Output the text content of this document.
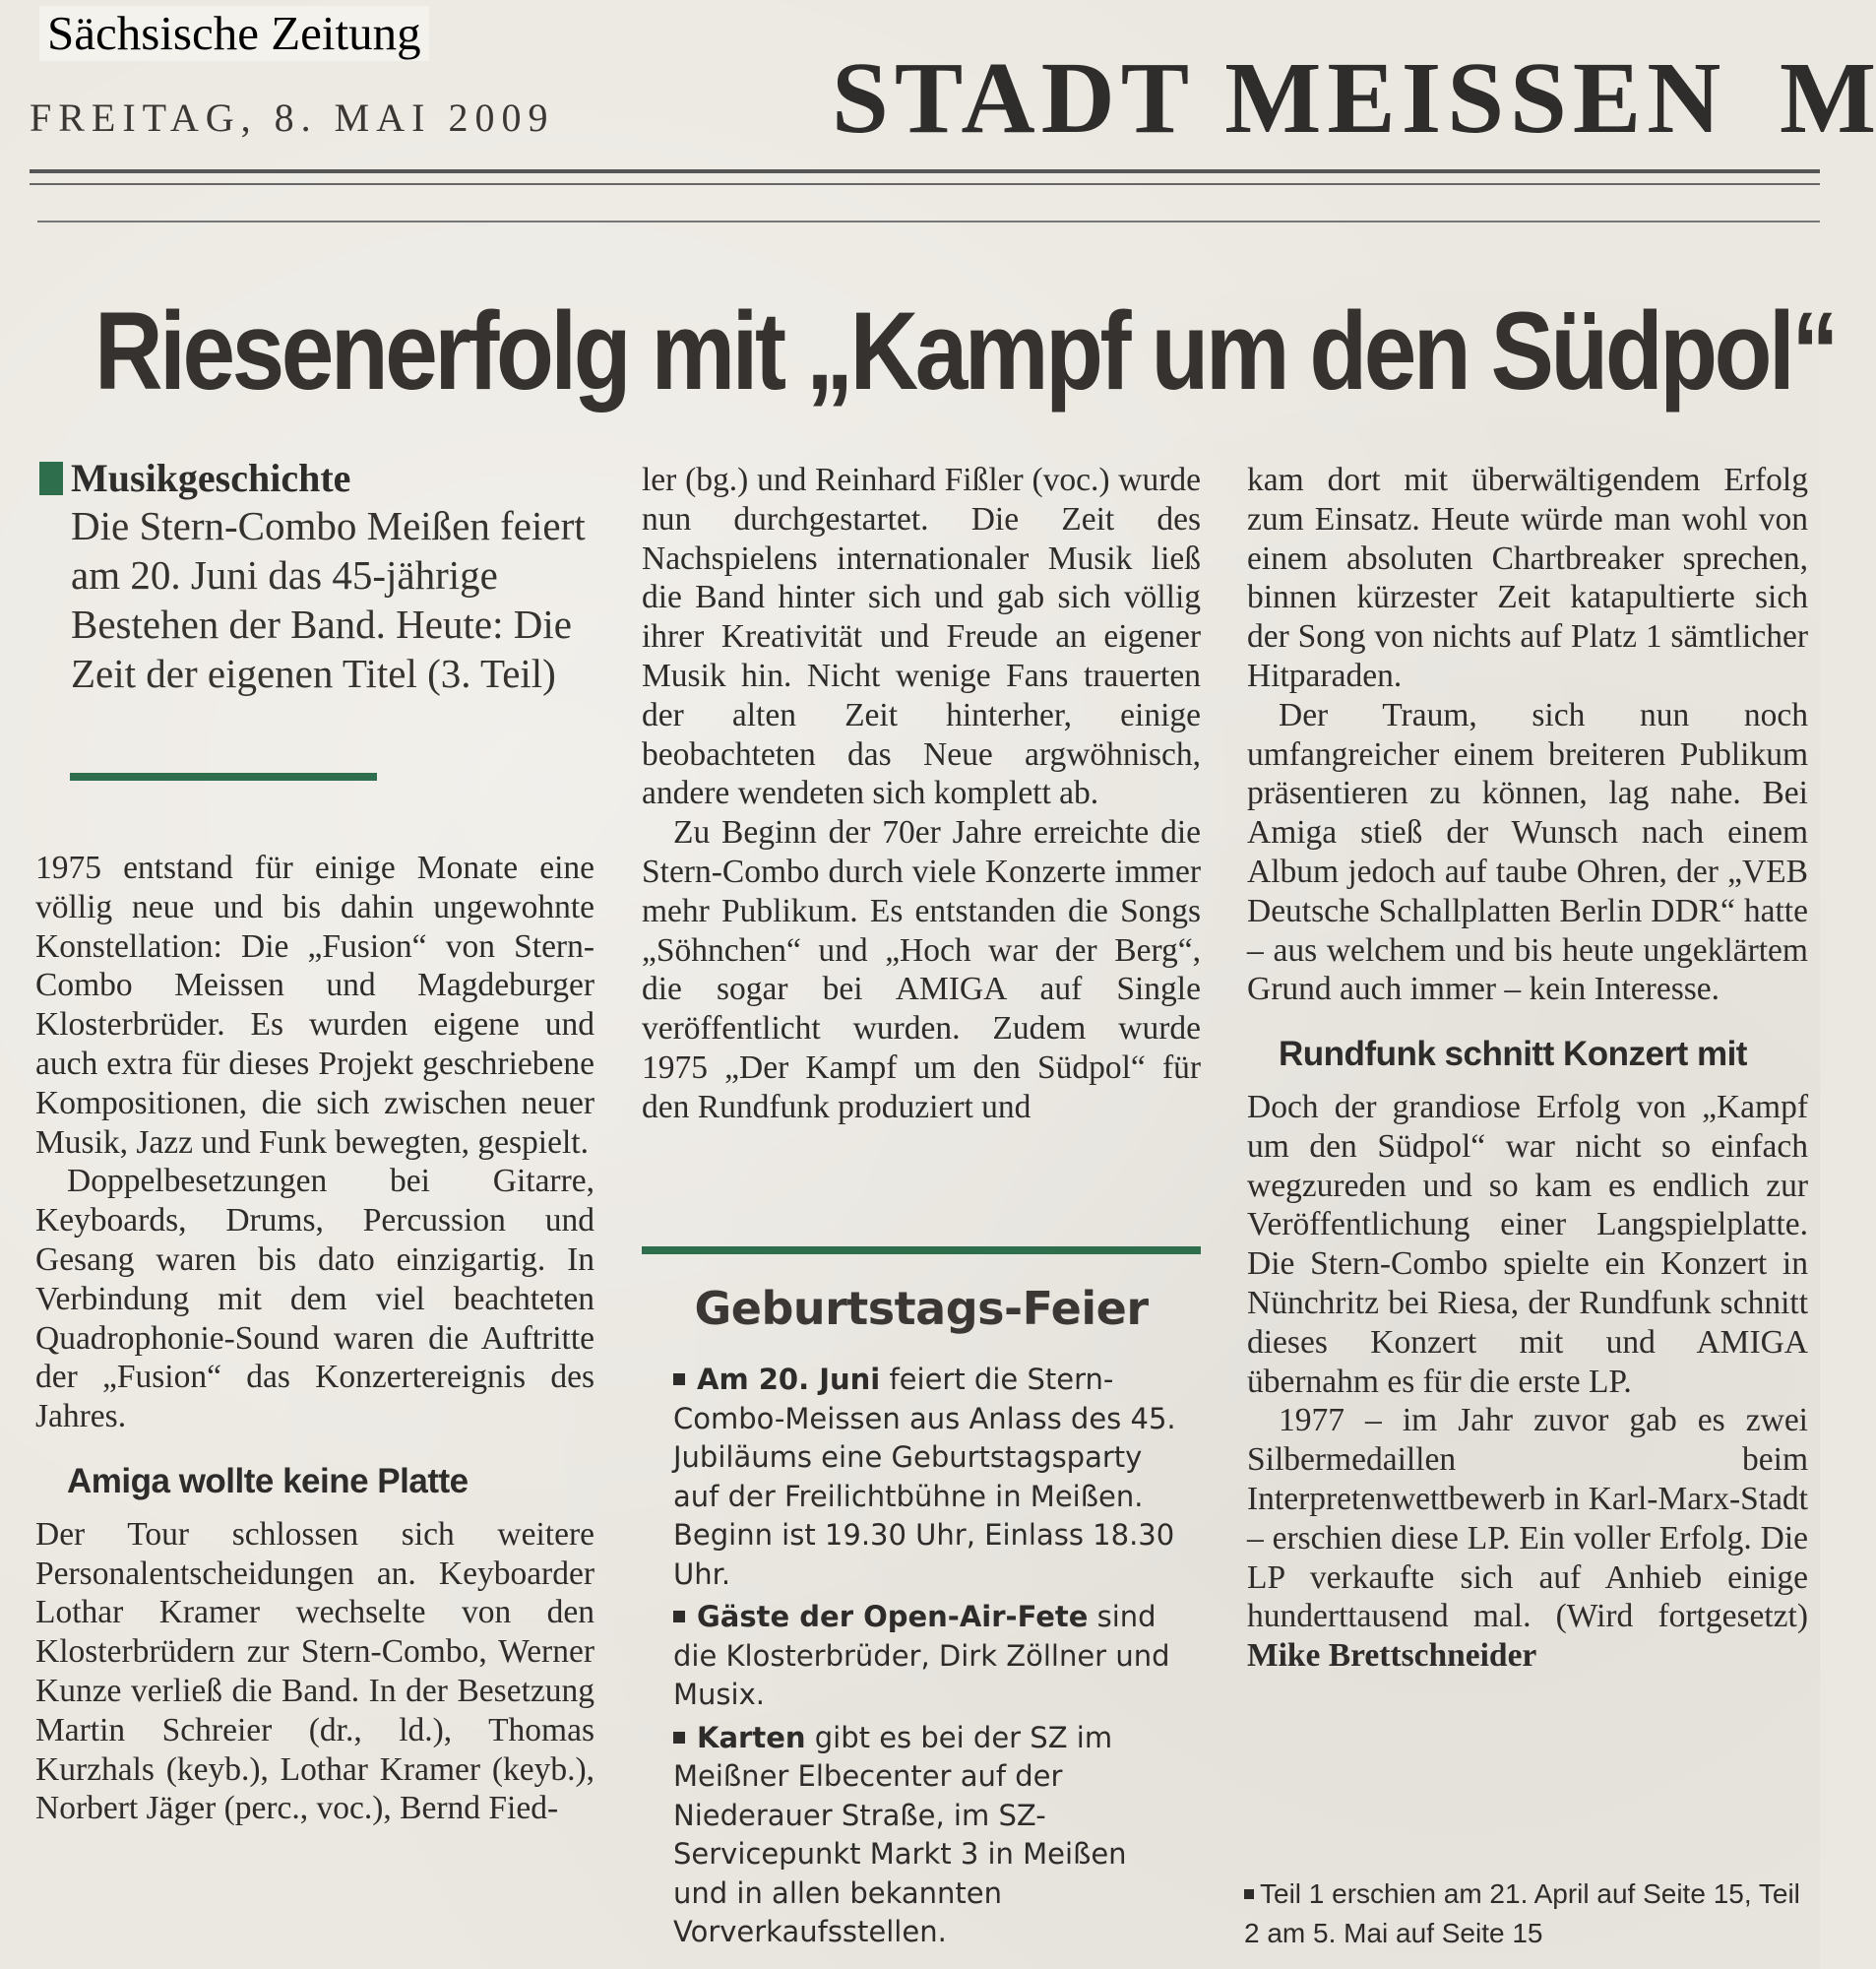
Sächsische Zeitung
FREITAG, 8. MAI 2009	STADT MEISSEN M
Riesenerfolg mit „Kampf um den Südpol“
Musikgeschichte
Die Stern-Combo Meißen feiert am 20. Juni das 45-jährige Bestehen der Band. Heute: Die Zeit der eigenen Titel (3. Teil)

1975 entstand für einige Monate eine völlig neue und bis dahin ungewohnte Konstellation: Die „Fusion“ von Stern-Combo Meissen und Magdeburger Klosterbrüder. Es wurden eigene und auch extra für dieses Projekt geschriebene Kompositionen, die sich zwischen neuer Musik, Jazz und Funk bewegten, gespielt.

Doppelbesetzungen bei Gitarre, Keyboards, Drums, Percussion und Gesang waren bis dato einzigartig. In Verbindung mit dem viel beachteten Quadrophonie-Sound waren die Auftritte der „Fusion“ das Konzertereignis des Jahres.

Amiga wollte keine Platte

Der Tour schlossen sich weitere Personalentscheidungen an. Keyboarder Lothar Kramer wechselte von den Klosterbrüdern zur Stern-Combo, Werner Kunze verließ die Band. In der Besetzung Martin Schreier (dr., ld.), Thomas Kurzhals (keyb.), Lothar Kramer (keyb.), Norbert Jäger (perc., voc.), Bernd Fied-

ler (bg.) und Reinhard Fißler (voc.) wurde nun durchgestartet. Die Zeit des Nachspielens internationaler Musik ließ die Band hinter sich und gab sich völlig ihrer Kreativität und Freude an eigener Musik hin. Nicht wenige Fans trauerten der alten Zeit hinterher, einige beobachteten das Neue argwöhnisch, andere wendeten sich komplett ab.

Zu Beginn der 70er Jahre erreichte die Stern-Combo durch viele Konzerte immer mehr Publikum. Es entstanden die Songs „Söhnchen“ und „Hoch war der Berg“, die sogar bei AMIGA auf Single veröffentlicht wurden. Zudem wurde 1975 „Der Kampf um den Südpol“ für den Rundfunk produziert und

Geburtstags-Feier

Am 20. Juni feiert die Stern-Combo-Meissen aus Anlass des 45. Jubiläums eine Geburtstagsparty auf der Freilichtbühne in Meißen. Beginn ist 19.30 Uhr, Einlass 18.30 Uhr.

Gäste der Open-Air-Fete sind die Klosterbrüder, Dirk Zöllner und Musix.

Karten gibt es bei der SZ im Meißner Elbecenter auf der Niederauer Straße, im SZ-Servicepunkt Markt 3 in Meißen und in allen bekannten Vorverkaufsstellen.

kam dort mit überwältigendem Erfolg zum Einsatz. Heute würde man wohl von einem absoluten Chartbreaker sprechen, binnen kürzester Zeit katapultierte sich der Song von nichts auf Platz 1 sämtlicher Hitparaden.

Der Traum, sich nun noch umfangreicher einem breiteren Publikum präsentieren zu können, lag nahe. Bei Amiga stieß der Wunsch nach einem Album jedoch auf taube Ohren, der „VEB Deutsche Schallplatten Berlin DDR“ hatte – aus welchem und bis heute ungeklärtem Grund auch immer – kein Interesse.

Rundfunk schnitt Konzert mit

Doch der grandiose Erfolg von „Kampf um den Südpol“ war nicht so einfach wegzureden und so kam es endlich zur Veröffentlichung einer Langspielplatte. Die Stern-Combo spielte ein Konzert in Nünchritz bei Riesa, der Rundfunk schnitt dieses Konzert mit und AMIGA übernahm es für die erste LP.

1977 – im Jahr zuvor gab es zwei Silbermedaillen beim Interpretenwettbewerb in Karl-Marx-Stadt – erschien diese LP. Ein voller Erfolg. Die LP verkaufte sich auf Anhieb einige hunderttausend mal. (Wird fortgesetzt) Mike Brettschneider

Teil 1 erschien am 21. April auf Seite 15, Teil 2 am 5. Mai auf Seite 15
